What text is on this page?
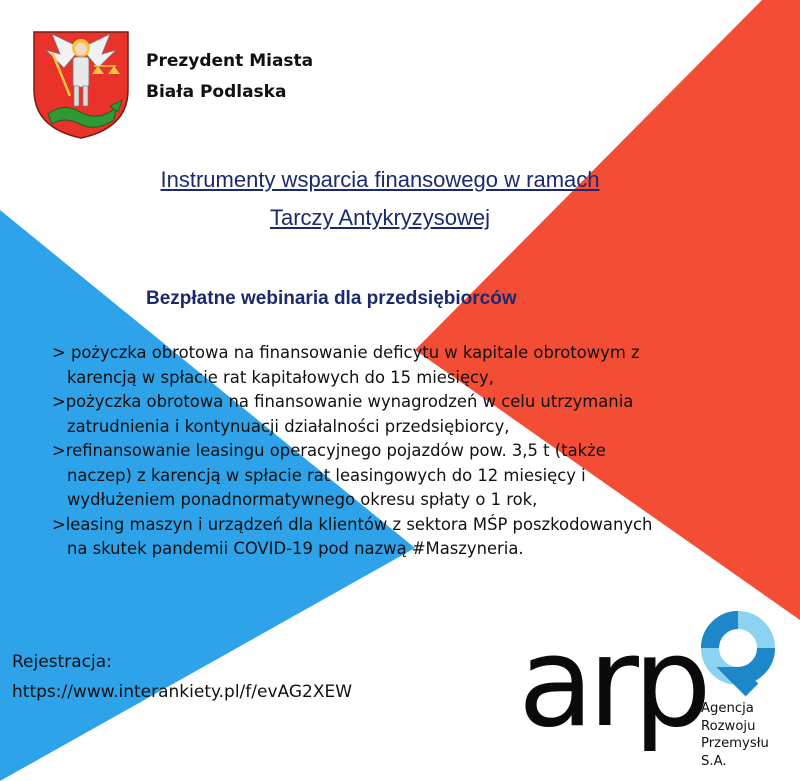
Prezydent Miasta
Biała Podlaska
Instrumenty wsparcia finansowego w ramach
Tarczy Antykryzysowej
Bezpłatne webinaria dla przedsiębiorców
> pożyczka obrotowa na finansowanie deficytu w kapitale obrotowym z
karencją w spłacie rat kapitałowych do 15 miesięcy,
>pożyczka obrotowa na finansowanie wynagrodzeń w celu utrzymania
zatrudnienia i kontynuacji działalności przedsiębiorcy,
>refinansowanie leasingu operacyjnego pojazdów pow. 3,5 t (także
naczep) z karencją w spłacie rat leasingowych do 12 miesięcy i
wydłużeniem ponadnormatywnego okresu spłaty o 1 rok,
>leasing maszyn i urządzeń dla klientów z sektora MŚP poszkodowanych
na skutek pandemii COVID-19 pod nazwą #Maszyneria.
Rejestracja:
https://www.interankiety.pl/f/evAG2XEW arp
Agencja
Rozwoju
Przemysłu
S.A.
